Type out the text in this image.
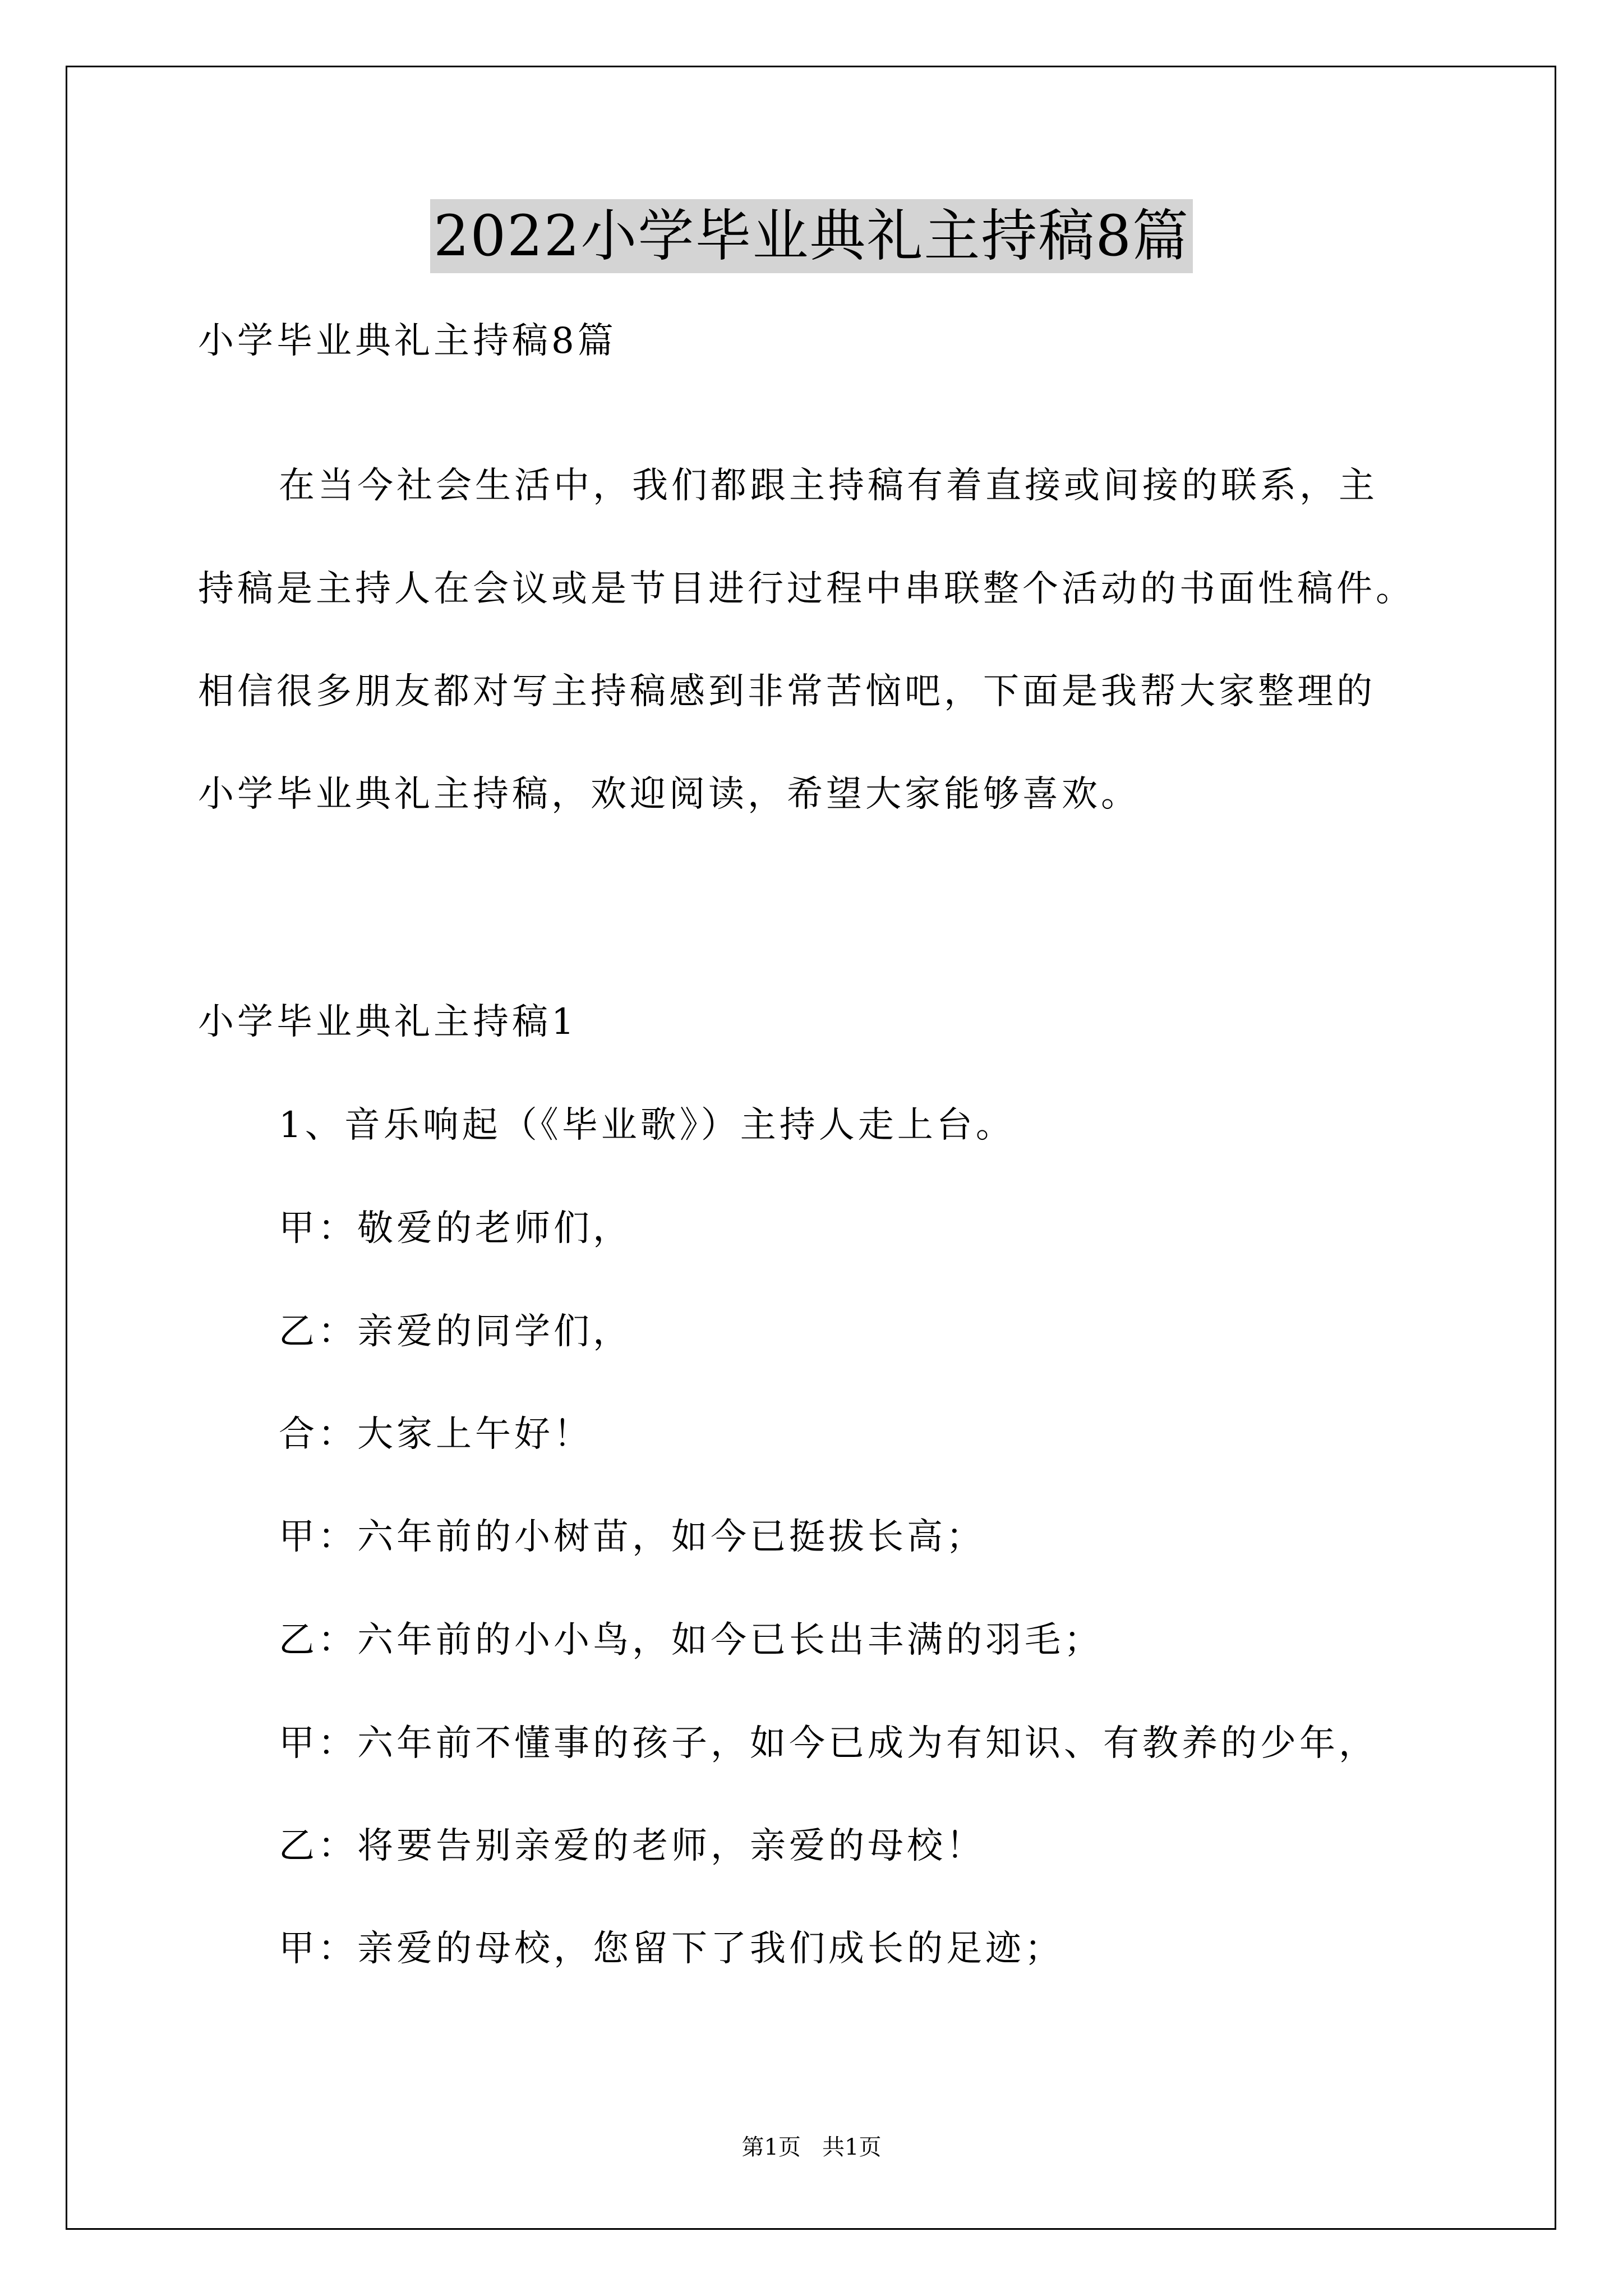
2022小学毕业典礼主持稿8篇
小学毕业典礼主持稿8篇
在当今社会生活中，我们都跟主持稿有着直接或间接的联系，主
持稿是主持人在会议或是节目进行过程中串联整个活动的书面性稿件。
相信很多朋友都对写主持稿感到非常苦恼吧，下面是我帮大家整理的
小学毕业典礼主持稿，欢迎阅读，希望大家能够喜欢。
小学毕业典礼主持稿1
1、音乐响起（《毕业歌》）主持人走上台。
甲：敬爱的老师们，
乙：亲爱的同学们，
合：大家上午好！
甲：六年前的小树苗，如今已挺拔长高；
乙：六年前的小小鸟，如今已长出丰满的羽毛；
甲：六年前不懂事的孩子，如今已成为有知识、有教养的少年，
乙：将要告别亲爱的老师，亲爱的母校！
甲：亲爱的母校，您留下了我们成长的足迹；
第1页   共1页
